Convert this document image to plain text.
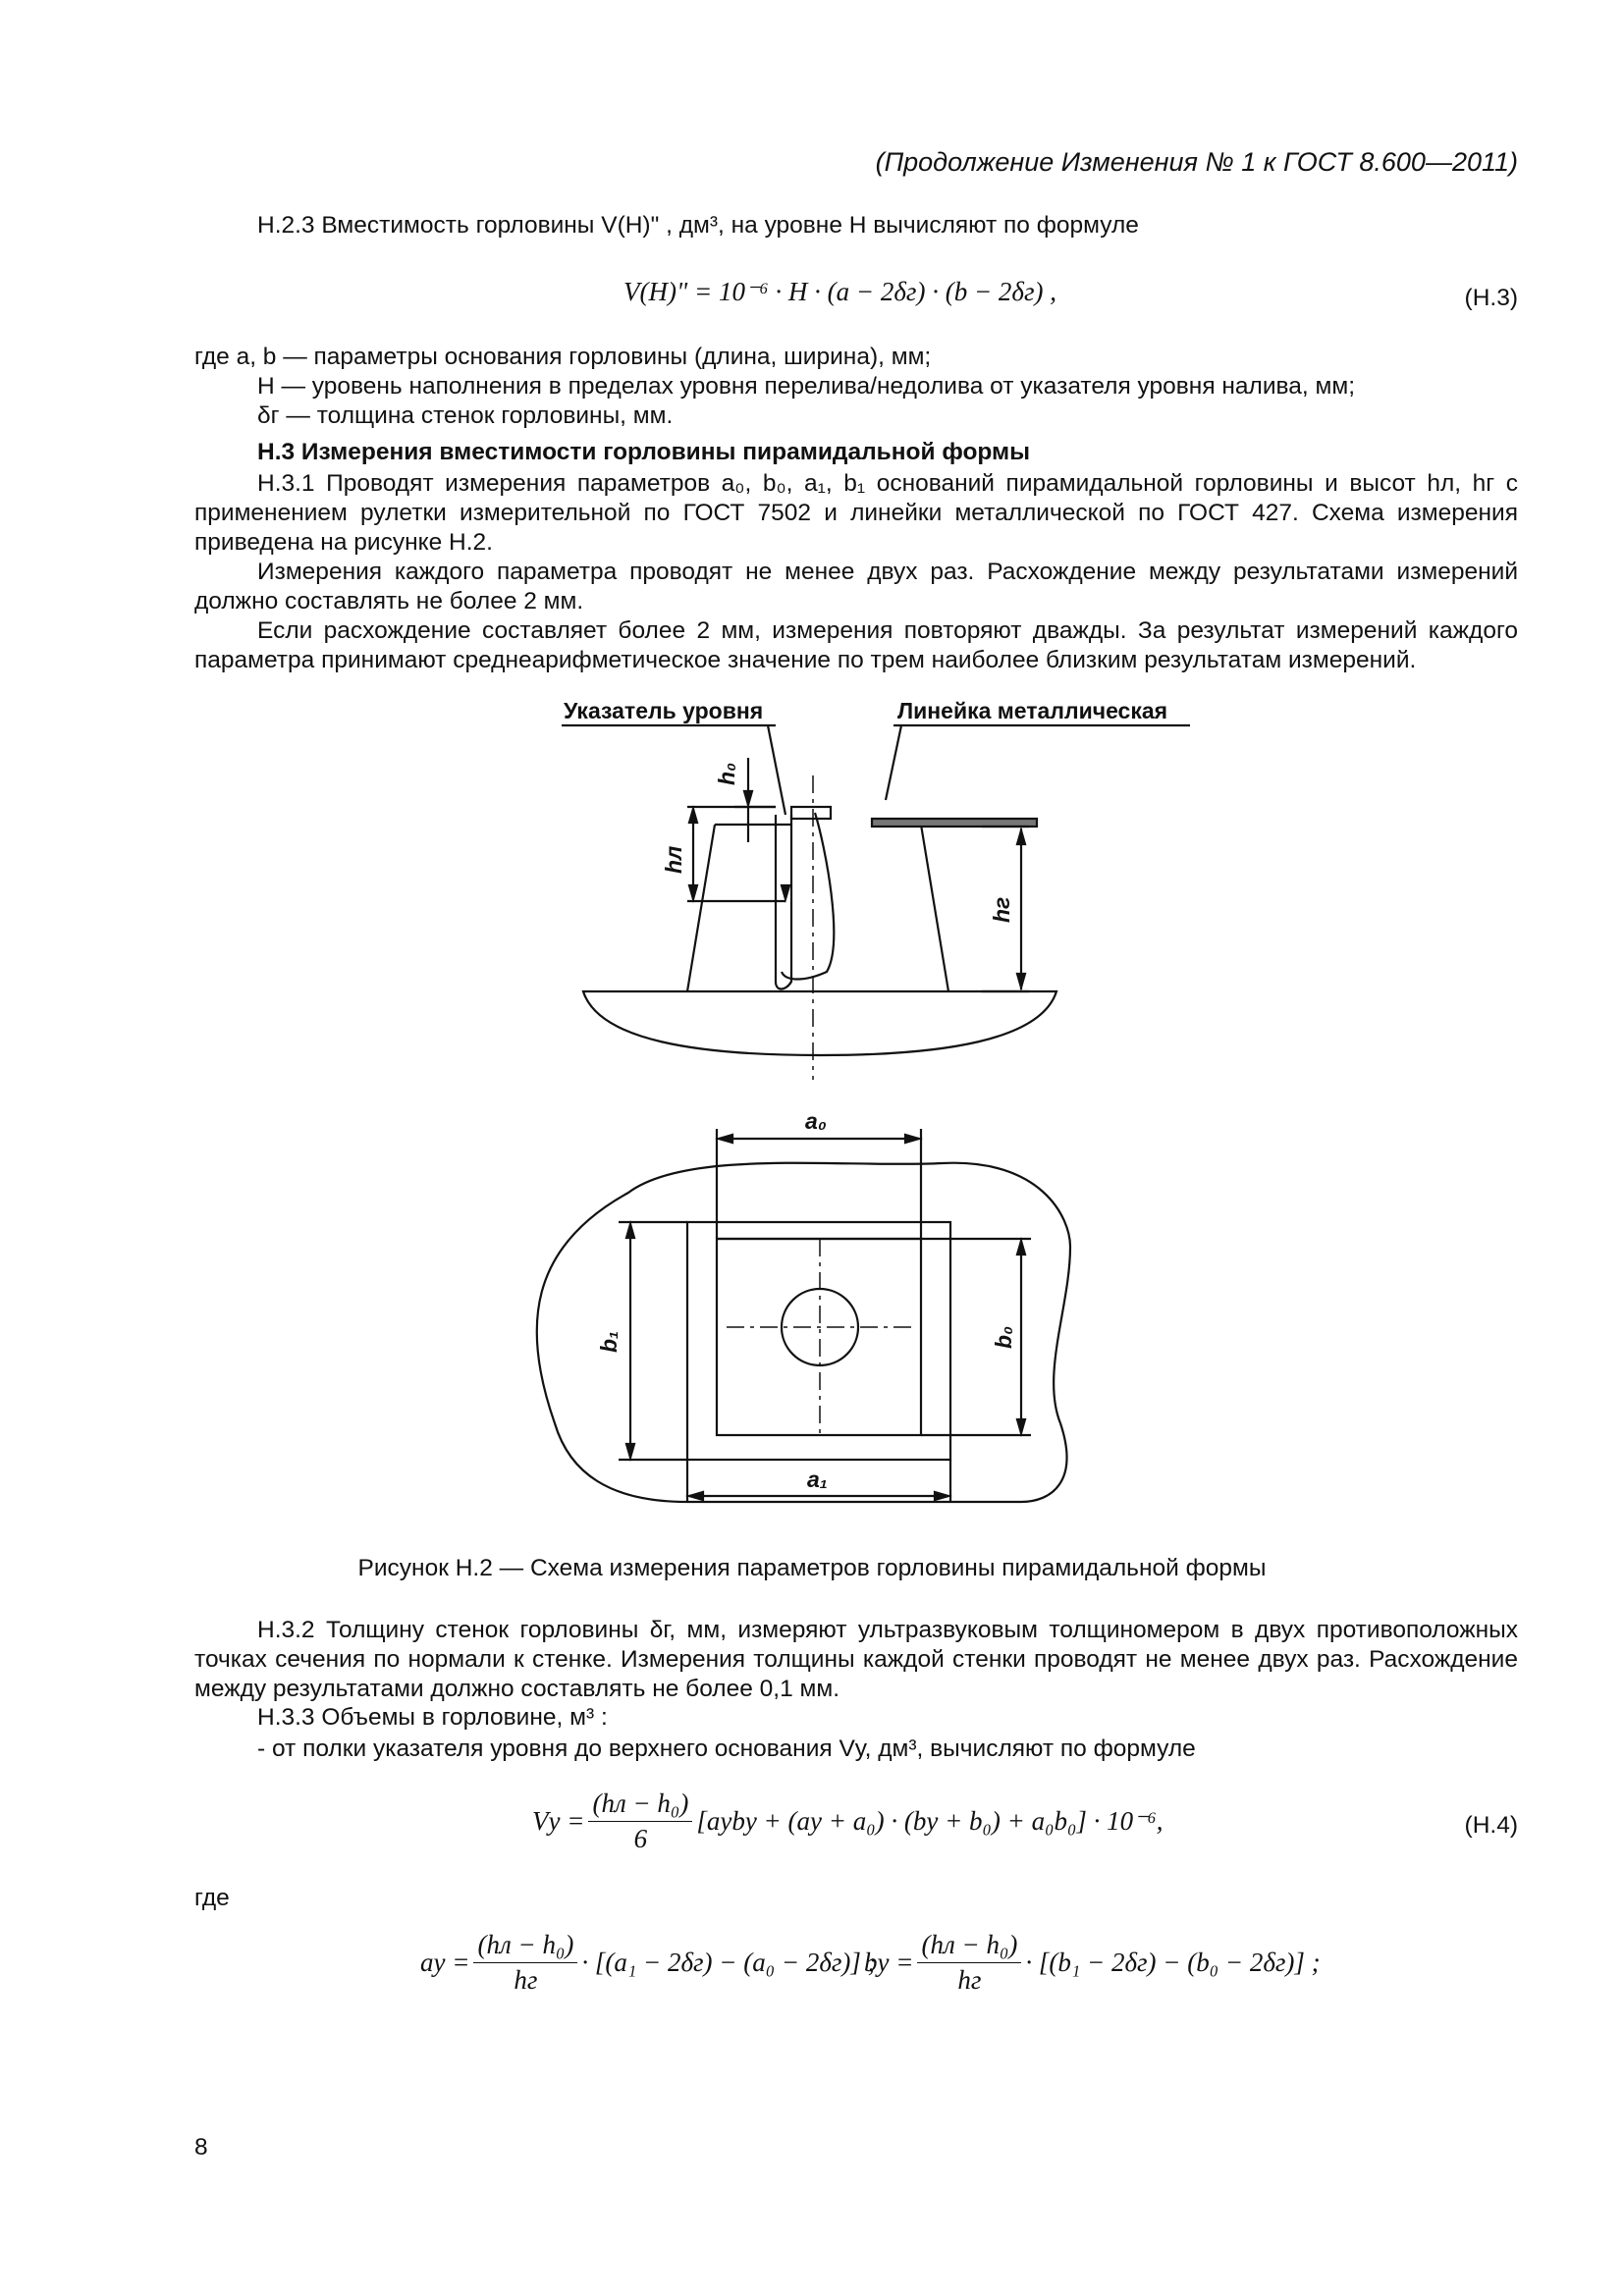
(Продолжение Изменения № 1 к ГОСТ 8.600—2011)
Н.2.3 Вместимость горловины V(H)" , дм³, на уровне H вычисляют по формуле
V(H)" = 10⁻⁶ · H · (a − 2δг) · (b − 2δг) ,	(Н.3)
где a, b — параметры основания горловины (длина, ширина), мм;
H — уровень наполнения в пределах уровня перелива/недолива от указателя уровня налива, мм;
δг — толщина стенок горловины, мм.
Н.3 Измерения вместимости горловины пирамидальной формы
Н.3.1 Проводят измерения параметров a₀, b₀, a₁, b₁ оснований пирамидальной горловины и высот hл, hг с применением рулетки измерительной по ГОСТ 7502 и линейки металлической по ГОСТ 427. Схема измерения приведена на рисунке Н.2.
Измерения каждого параметра проводят не менее двух раз. Расхождение между результатами измерений должно составлять не более 2 мм.
Если расхождение составляет более 2 мм, измерения повторяют дважды. За результат измерений каждого параметра принимают среднеарифметическое значение по трем наиболее близким результатам измерений.
Указатель уровня	Линейка металлическая
h₀
hл
hг
a₀
a₁
b₁	b₀
Рисунок Н.2 — Схема измерения параметров горловины пирамидальной формы
Н.3.2 Толщину стенок горловины δг, мм, измеряют ультразвуковым толщиномером в двух противоположных точках сечения по нормали к стенке. Измерения толщины каждой стенки проводят не менее двух раз. Расхождение между результатами должно составлять не более 0,1 мм.
Н.3.3 Объемы в горловине, м³ :
- от полки указателя уровня до верхнего основания Vу, дм³, вычисляют по формуле
Vу = $\frac{\text{(hл − h₀)}}{6}$ [aуbу + (aу + a₀) · (bу + b₀) + a₀b₀] · 10⁻⁶,	(Н.4)
где
aу = $\frac{\text{(hл − h₀)}}{hг} \cdot [(a_1 - 2\delta г) - (a_0 - 2\delta г)]$ ;
bу = $\frac{\text{(hл − h₀)}}{hг} \cdot [(b_1 - 2\delta г) - (b_0 - 2\delta г)]$ ;
8
